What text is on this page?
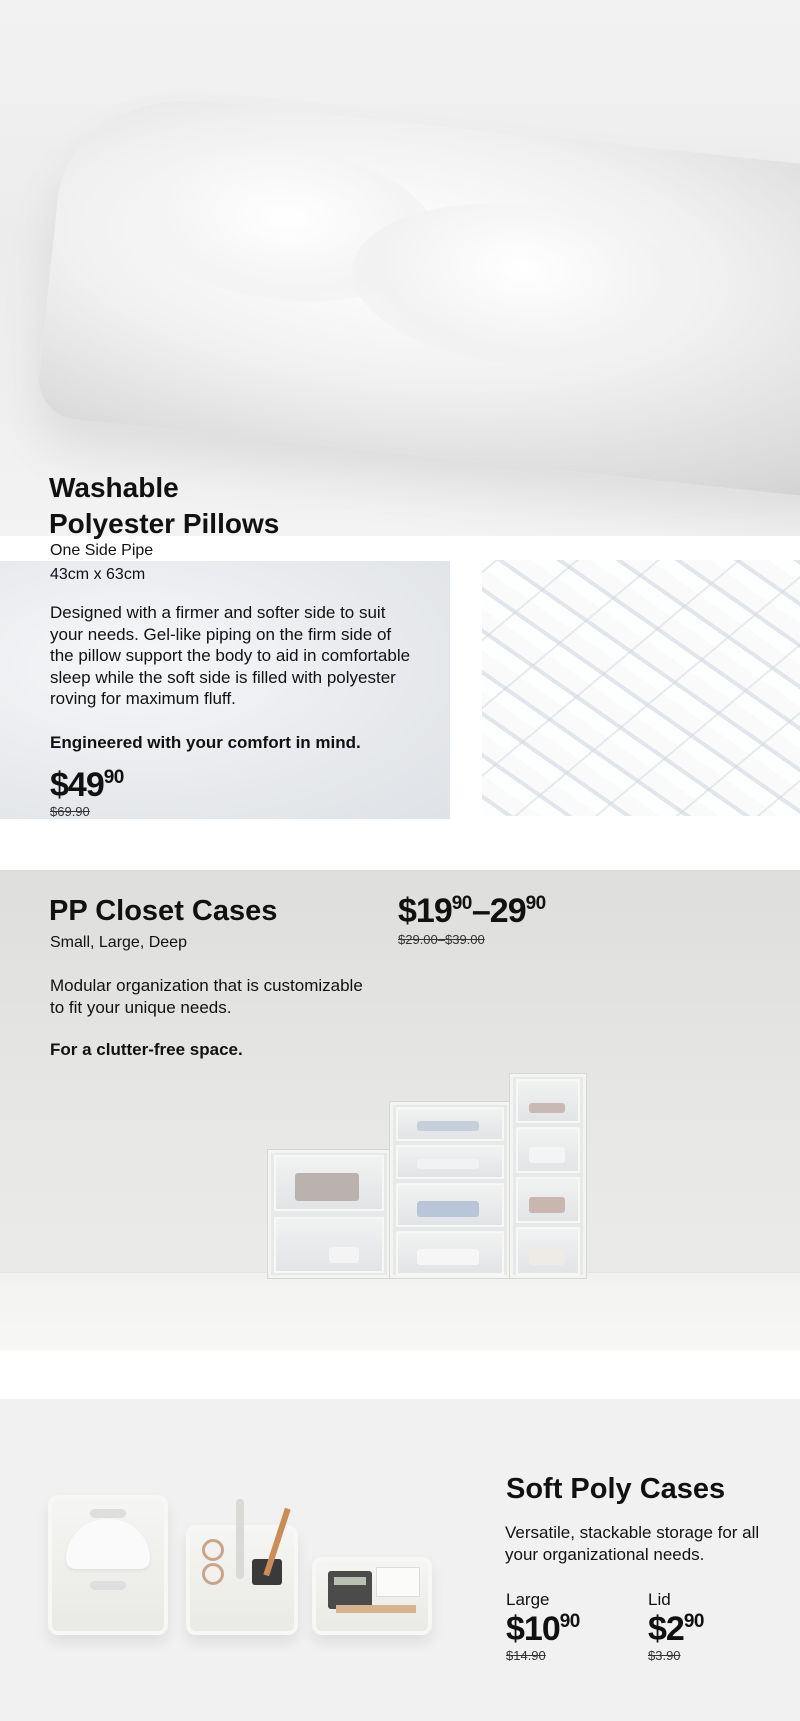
Washable
Polyester Pillows
One Side Pipe
43cm x 63cm
Designed with a firmer and softer side to suit your needs. Gel-like piping on the firm side of the pillow support the body to aid in comfortable sleep while the soft side is filled with polyester roving for maximum fluff.
Engineered with your comfort in mind.
$\$49^{90}$
$69.90
PP Closet Cases
Small, Large, Deep
Modular organization that is customizable to fit your unique needs.
For a clutter-free space.
$\$19^{90}-29^{90}$
$29.00–$39.00
Soft Poly Cases
Versatile, stackable storage for all your organizational needs.
Large
$\$10^{90}$
$14.90
Lid
$\$2^{90}$
$3.90
